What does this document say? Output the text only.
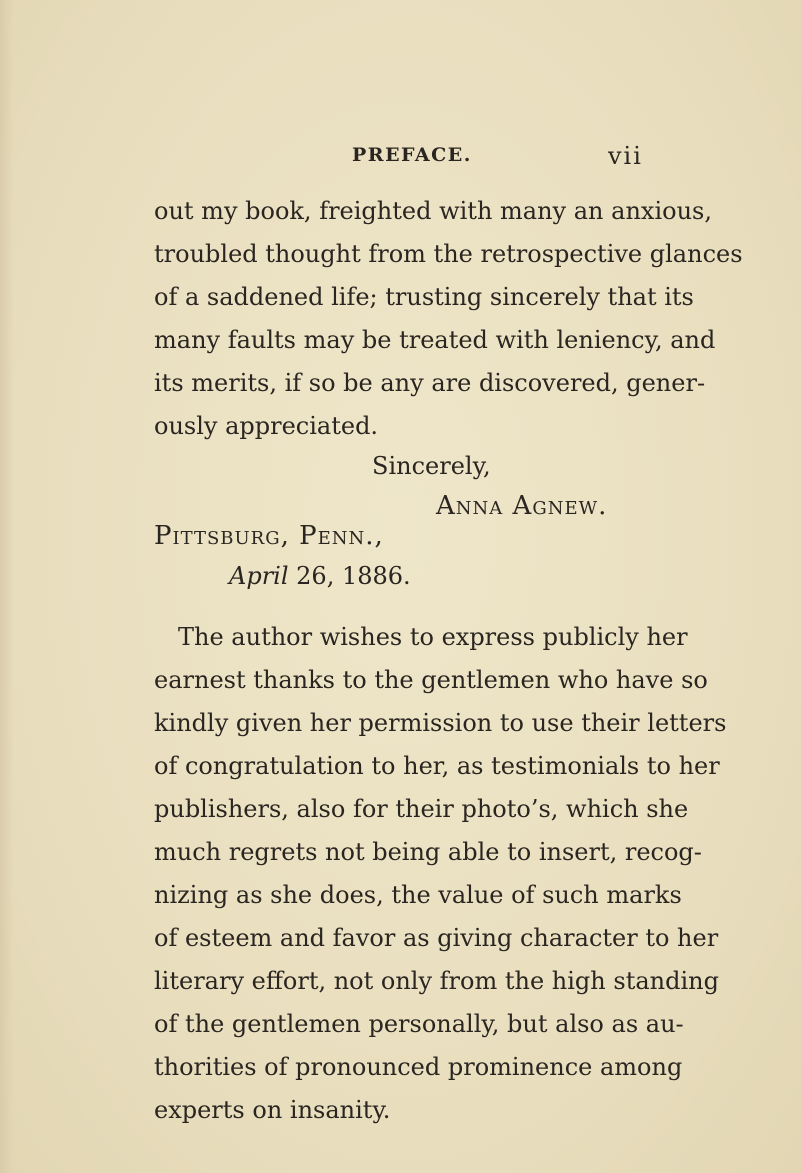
PREFACE.	vii
out my book, freighted with many an anxious,
troubled thought from the retrospective glances
of a saddened life; trusting sincerely that its
many faults may be treated with leniency, and
its merits, if so be any are discovered, gener-
ously appreciated.
Sincerely,
Anna Agnew.
Pittsburg, Penn.,
April 26, 1886.
The author wishes to express publicly her
earnest thanks to the gentlemen who have so
kindly given her permission to use their letters
of congratulation to her, as testimonials to her
publishers, also for their photo’s, which she
much regrets not being able to insert, recog-
nizing as she does, the value of such marks
of esteem and favor as giving character to her
literary effort, not only from the high standing
of the gentlemen personally, but also as au-
thorities of pronounced prominence among
experts on insanity.
